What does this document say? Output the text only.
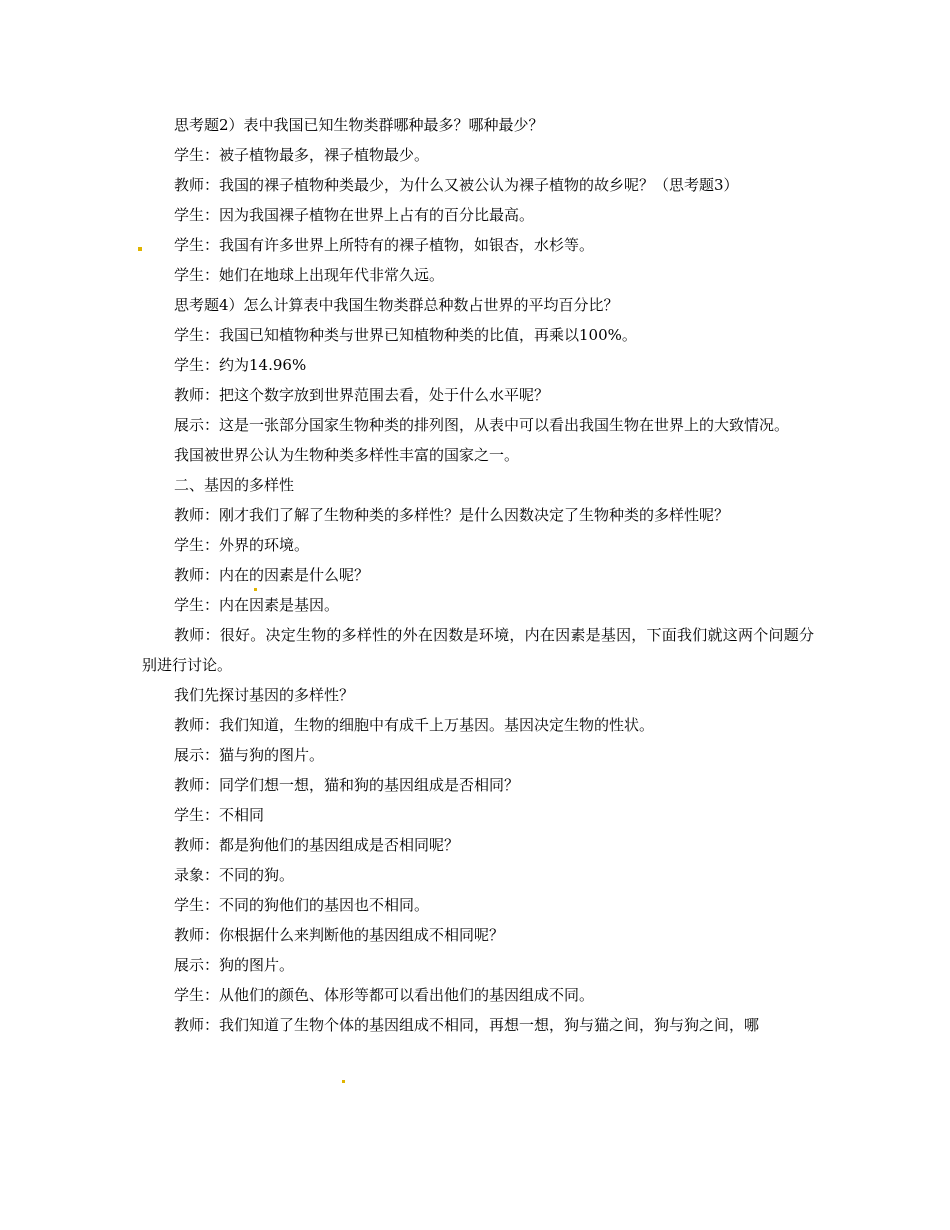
思考题2）表中我国已知生物类群哪种最多？哪种最少？

学生：被子植物最多，裸子植物最少。

教师：我国的裸子植物种类最少，为什么又被公认为裸子植物的故乡呢？（思考题3）

学生：因为我国裸子植物在世界上占有的百分比最高。

学生：我国有许多世界上所特有的裸子植物，如银杏，水杉等。

学生：她们在地球上出现年代非常久远。

思考题4）怎么计算表中我国生物类群总种数占世界的平均百分比？

学生：我国已知植物种类与世界已知植物种类的比值，再乘以100%。

学生：约为14.96%

教师：把这个数字放到世界范围去看，处于什么水平呢？

展示：这是一张部分国家生物种类的排列图，从表中可以看出我国生物在世界上的大致情况。

我国被世界公认为生物种类多样性丰富的国家之一。

二、基因的多样性

教师：刚才我们了解了生物种类的多样性？是什么因数决定了生物种类的多样性呢？

学生：外界的环境。

教师：内在的因素是什么呢？

学生：内在因素是基因。

教师：很好。决定生物的多样性的外在因数是环境，内在因素是基因，下面我们就这两个问题分别进行讨论。

我们先探讨基因的多样性？

教师：我们知道，生物的细胞中有成千上万基因。基因决定生物的性状。

展示：猫与狗的图片。

教师：同学们想一想，猫和狗的基因组成是否相同？

学生：不相同

教师：都是狗他们的基因组成是否相同呢？

录象：不同的狗。

学生：不同的狗他们的基因也不相同。

教师：你根据什么来判断他的基因组成不相同呢？

展示：狗的图片。

学生：从他们的颜色、体形等都可以看出他们的基因组成不同。

教师：我们知道了生物个体的基因组成不相同，再想一想，狗与猫之间，狗与狗之间，哪
